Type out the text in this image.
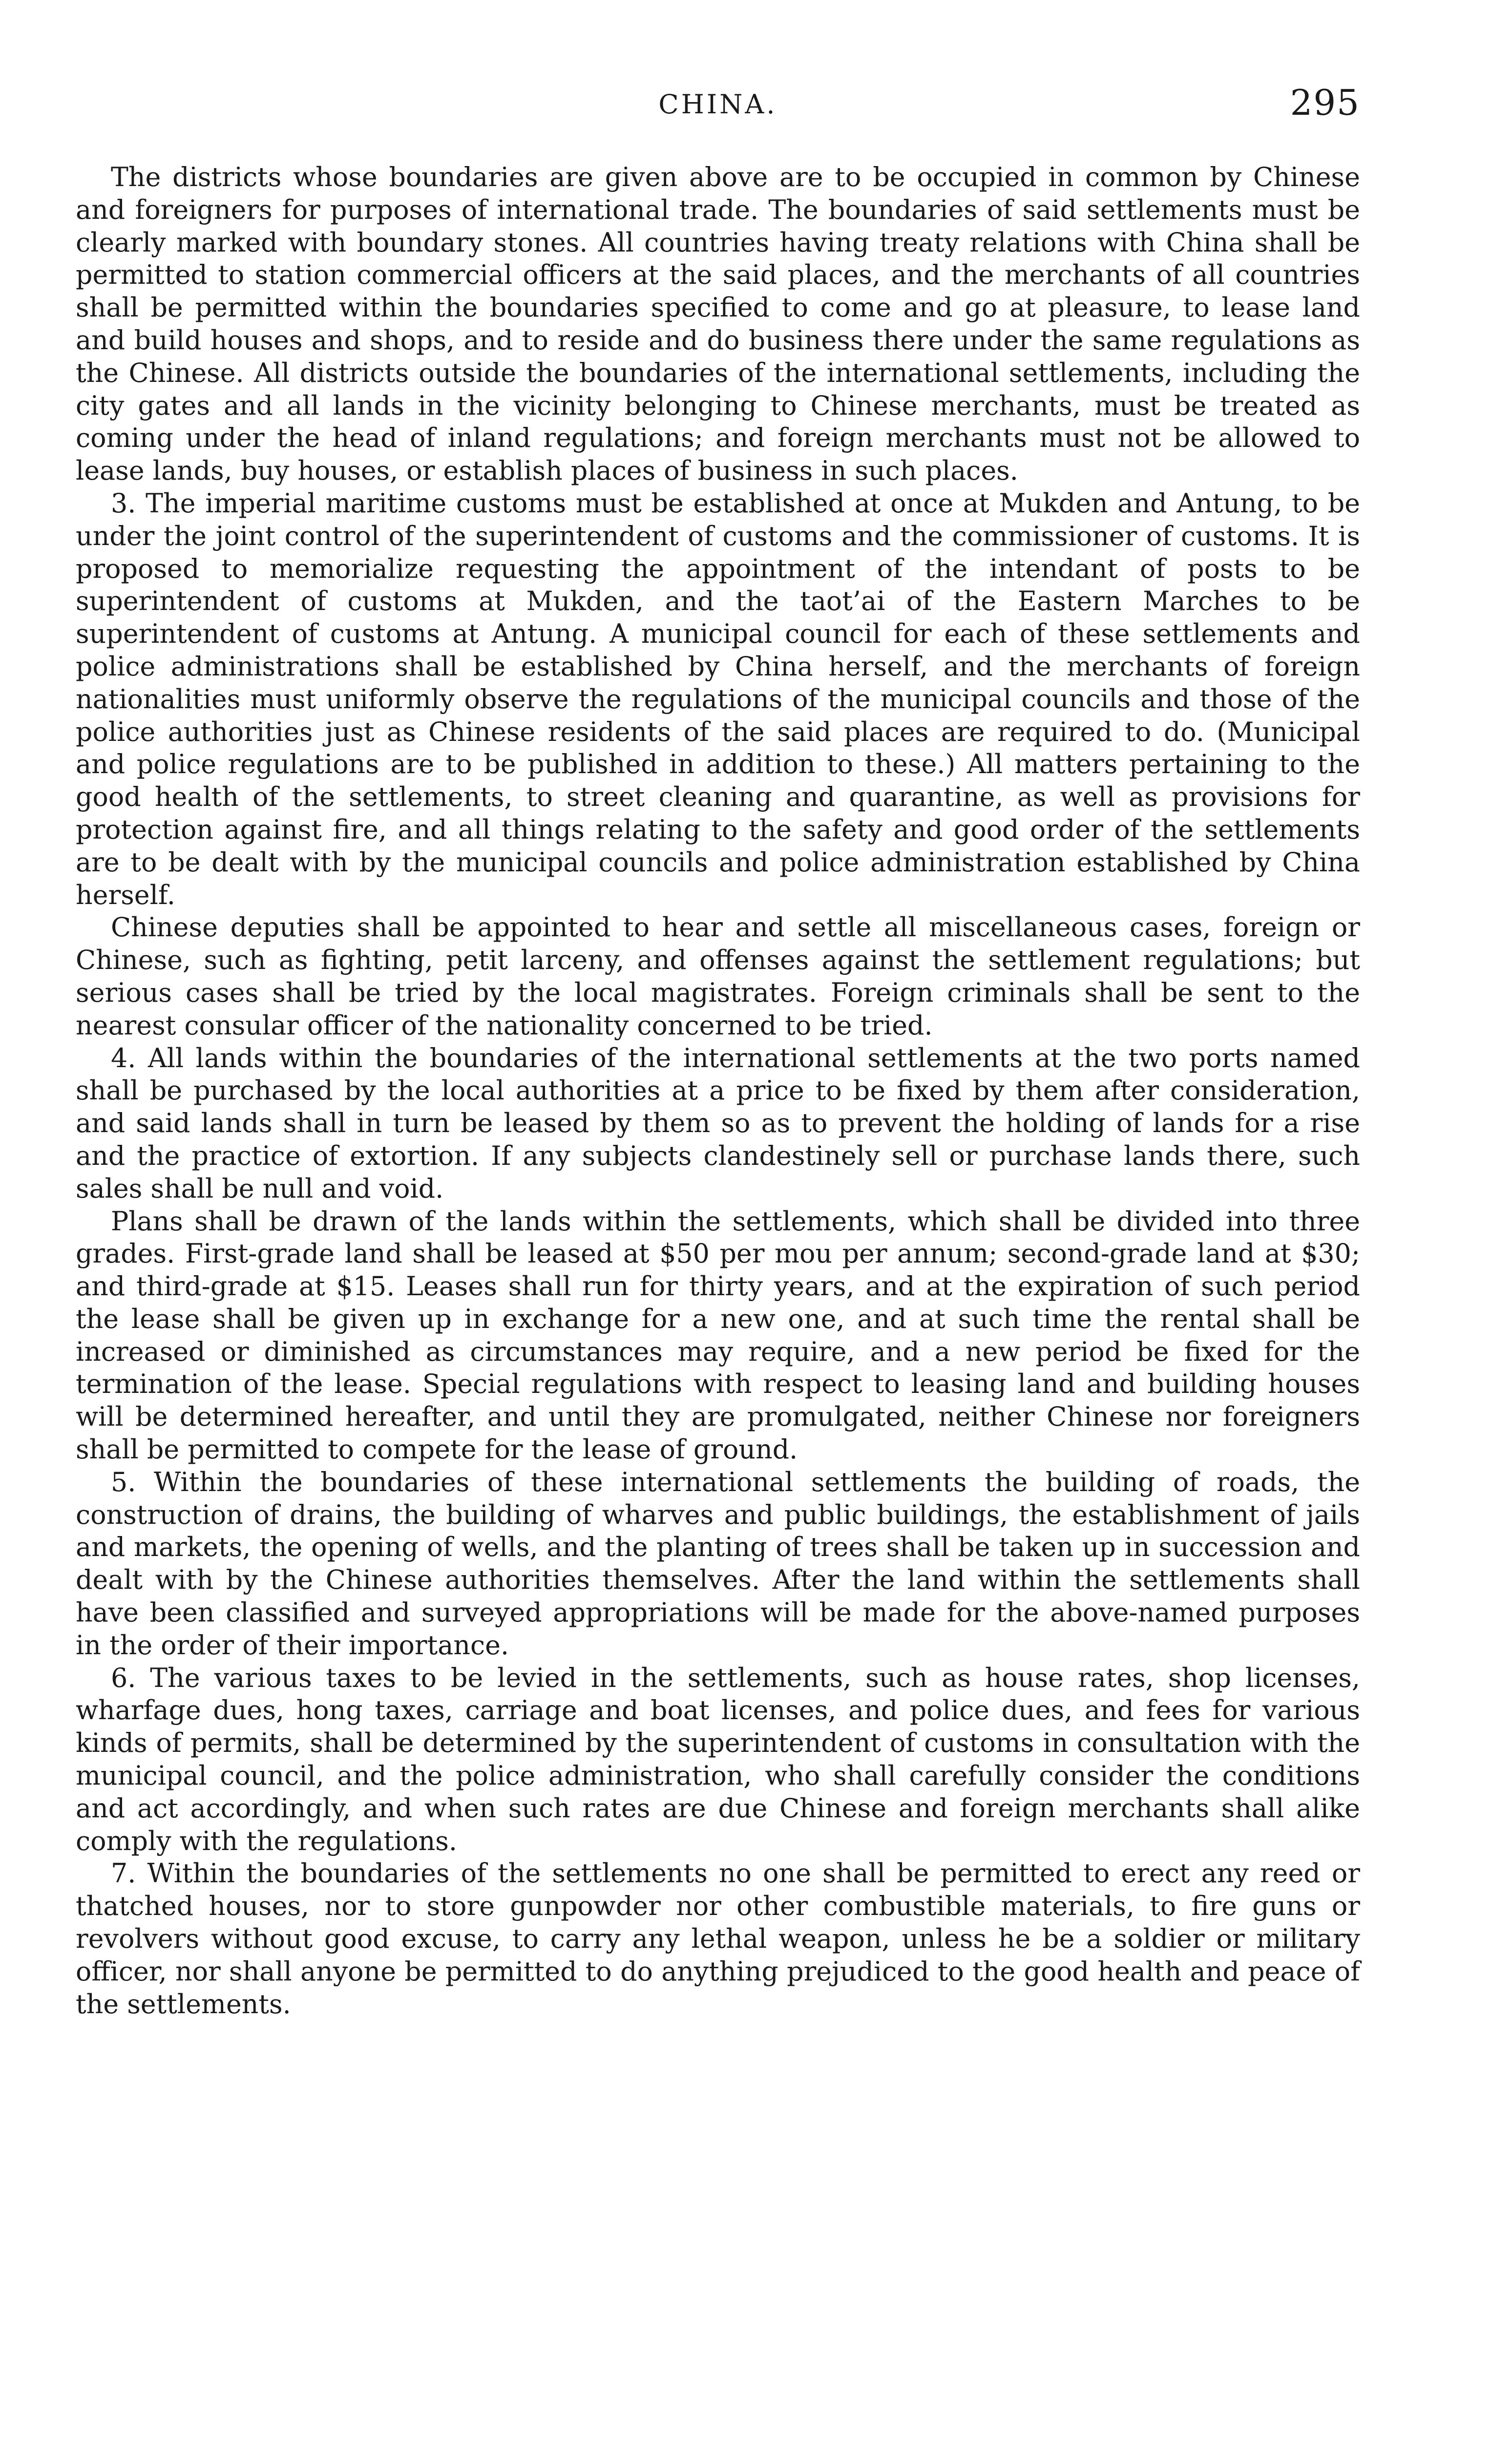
CHINA.	295

The districts whose boundaries are given above are to be occupied in common by Chinese and foreigners for purposes of international trade. The boundaries of said settlements must be clearly marked with boundary stones. All countries having treaty relations with China shall be permitted to station commercial officers at the said places, and the merchants of all countries shall be permitted within the boundaries specified to come and go at pleasure, to lease land and build houses and shops, and to reside and do business there under the same regulations as the Chinese. All districts outside the boundaries of the international settlements, including the city gates and all lands in the vicinity belonging to Chinese merchants, must be treated as coming under the head of inland regulations; and foreign merchants must not be allowed to lease lands, buy houses, or establish places of business in such places.

3. The imperial maritime customs must be established at once at Mukden and Antung, to be under the joint control of the superintendent of customs and the commissioner of customs. It is proposed to memorialize requesting the appointment of the intendant of posts to be superintendent of customs at Mukden, and the taot’ai of the Eastern Marches to be superintendent of customs at Antung. A municipal council for each of these settlements and police administrations shall be established by China herself, and the merchants of foreign nationalities must uniformly observe the regulations of the municipal councils and those of the police authorities just as Chinese residents of the said places are required to do. (Municipal and police regulations are to be published in addition to these.) All matters pertaining to the good health of the settlements, to street cleaning and quarantine, as well as provisions for protection against fire, and all things relating to the safety and good order of the settlements are to be dealt with by the municipal councils and police administration established by China herself.

Chinese deputies shall be appointed to hear and settle all miscellaneous cases, foreign or Chinese, such as fighting, petit larceny, and offenses against the settlement regulations; but serious cases shall be tried by the local magistrates. Foreign criminals shall be sent to the nearest consular officer of the nationality concerned to be tried.

4. All lands within the boundaries of the international settlements at the two ports named shall be purchased by the local authorities at a price to be fixed by them after consideration, and said lands shall in turn be leased by them so as to prevent the holding of lands for a rise and the practice of extortion. If any subjects clandestinely sell or purchase lands there, such sales shall be null and void.

Plans shall be drawn of the lands within the settlements, which shall be divided into three grades. First-grade land shall be leased at $50 per mou per annum; second-grade land at $30; and third-grade at $15. Leases shall run for thirty years, and at the expiration of such period the lease shall be given up in exchange for a new one, and at such time the rental shall be increased or diminished as circumstances may require, and a new period be fixed for the termination of the lease. Special regulations with respect to leasing land and building houses will be determined hereafter, and until they are promulgated, neither Chinese nor foreigners shall be permitted to compete for the lease of ground.

5. Within the boundaries of these international settlements the building of roads, the construction of drains, the building of wharves and public buildings, the establishment of jails and markets, the opening of wells, and the planting of trees shall be taken up in succession and dealt with by the Chinese authorities themselves. After the land within the settlements shall have been classified and surveyed appropriations will be made for the above-named purposes in the order of their importance.

6. The various taxes to be levied in the settlements, such as house rates, shop licenses, wharfage dues, hong taxes, carriage and boat licenses, and police dues, and fees for various kinds of permits, shall be determined by the superintendent of customs in consultation with the municipal council, and the police administration, who shall carefully consider the conditions and act accordingly, and when such rates are due Chinese and foreign merchants shall alike comply with the regulations.

7. Within the boundaries of the settlements no one shall be permitted to erect any reed or thatched houses, nor to store gunpowder nor other combustible materials, to fire guns or revolvers without good excuse, to carry any lethal weapon, unless he be a soldier or military officer, nor shall anyone be permitted to do anything prejudiced to the good health and peace of the settlements.
